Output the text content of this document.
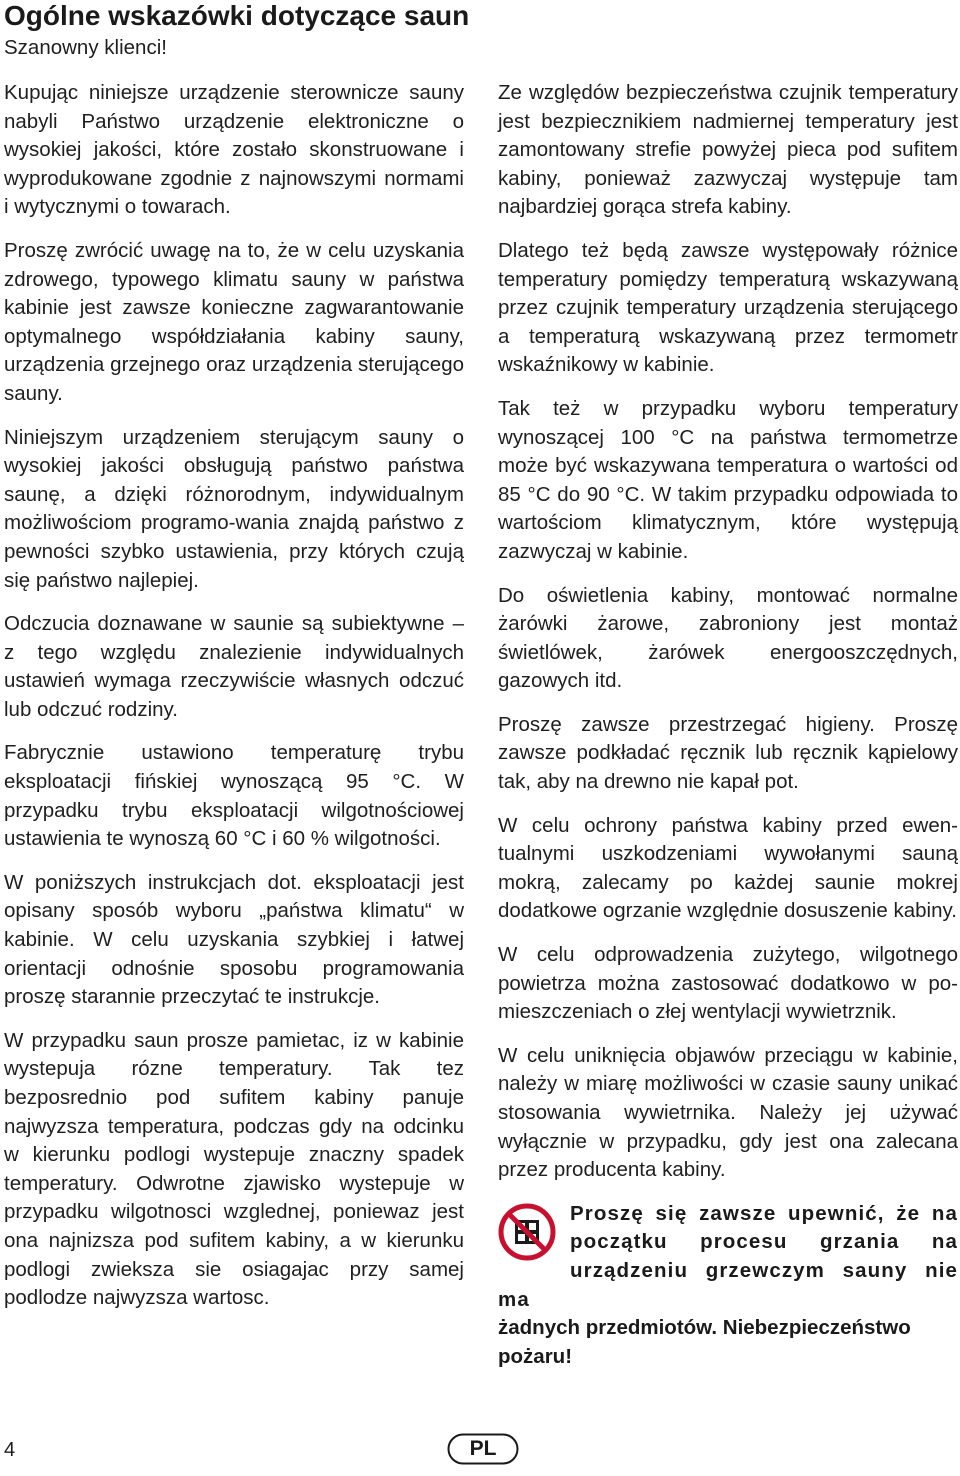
Ogólne wskazówki dotyczące saun
Szanowny klienci!

Kupując niniejsze urządzenie sterownicze sauny nabyli Państwo urządzenie elektroniczne o wysokiej jakości, które zostało skonstruowane i wyprodukowane zgodnie z najnowszymi normami i wytycznymi o towarach.

Proszę zwrócić uwagę na to, że w celu uzyskania zdrowego, typowego klimatu sauny w państwa kabinie jest zawsze konieczne zagwarantowanie optymalnego współdziałania kabiny sauny, urządzenia grzejnego oraz urządzenia sterującego sauny.

Niniejszym urządzeniem sterującym sauny o wysokiej jakości obsługują państwo państwa saunę, a dzięki różnorodnym, indywidualnym możliwościom programo-wania znajdą państwo z pewności szybko ustawienia, przy których czują się państwo najlepiej.

Odczucia doznawane w saunie są subiektywne – z tego względu znalezienie indywidualnych ustawień wymaga rzeczywiście własnych odczuć lub odczuć rodziny.

Fabrycznie ustawiono temperaturę trybu eksploatacji fińskiej wynoszącą 95 °C. W przypadku trybu eksploatacji wilgotnościowej ustawienia te wynoszą 60 °C i 60 % wilgotności.

W poniższych instrukcjach dot. eksploatacji jest opisany sposób wyboru „państwa klimatu“ w kabinie. W celu uzyskania szybkiej i łatwej orientacji odnośnie sposobu programowania proszę starannie przeczytać te instrukcje.

W przypadku saun prosze pamietac, iz w kabinie wystepuja rózne temperatury. Tak tez bezposrednio pod sufitem kabiny panuje najwyzsza temperatura, podczas gdy na odcinku w kierunku podlogi wystepuje znaczny spadek temperatury. Odwrotne zjawisko wystepuje w przypadku wilgotnosci wzglednej, poniewaz jest ona najnizsza pod sufitem kabiny, a w kierunku podlogi zwieksza sie osiagajac przy samej podlodze najwyzsza wartosc.

Ze względów bezpieczeństwa czujnik temperatury jest bezpiecznikiem nadmiernej temperatury jest zamontowany strefie powyżej pieca pod sufitem kabiny, ponieważ zazwyczaj występuje tam najbardziej gorąca strefa kabiny.

Dlatego też będą zawsze występowały różnice temperatury pomiędzy temperaturą wskazywaną przez czujnik temperatury urządzenia sterującego a temperaturą wskazywaną przez termometr wskaźnikowy w kabinie.

Tak też w przypadku wyboru temperatury wynoszącej 100 °C na państwa termometrze może być wskazywana temperatura o wartości od 85 °C do 90 °C. W takim przypadku odpowiada to wartościom klimatycznym, które występują zazwyczaj w kabinie.

Do oświetlenia kabiny, montować normalne żarówki żarowe, zabroniony jest montaż świetlówek, żarówek energooszczędnych, gazowych itd.

Proszę zawsze przestrzegać higieny. Proszę zawsze podkładać ręcznik lub ręcznik kąpielowy tak, aby na drewno nie kapał pot.

W celu ochrony państwa kabiny przed ewentualnymi uszkodzeniami wywołanymi sauną mokrą, zalecamy po każdej saunie mokrej dodatkowe ogrzanie względnie dosuszenie kabiny.

W celu odprowadzenia zużytego, wilgotnego powietrza można zastosować dodatkowo w pomieszczeniach o złej wentylacji wywietrznik.

W celu uniknięcia objawów przeciągu w kabinie, należy w miarę możliwości w czasie sauny unikać stosowania wywietrnika. Należy jej używać wyłącznie w przypadku, gdy jest ona zalecana przez producenta kabiny.

Proszę się zawsze upewnić, że na początku procesu grzania na urządzeniu grzewczym sauny nie ma
żadnych przedmiotów. Niebezpieczeństwo pożaru!
4	PL
